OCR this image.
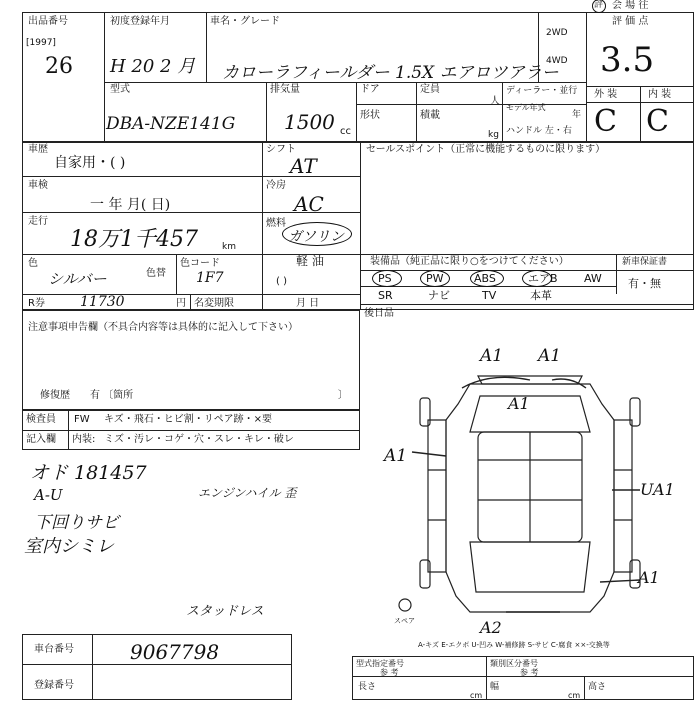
会 場 往
評
出品番号
[1997]
26
初度登録年月
H 20 2 月
車名・グレード
カローラフィールダー 1.5X エアロツアラー
2WD
4WD
評 価 点
3.5
外 装	内 装
C C
型式
DBA-NZE141G
排気量
1500 cc
ドア	定員
人
形状	積載
kg
ディーラー・並行
モデル年式
年
ハンドル 左・右
車歴
自家用・( )
シフト
AT
車検
一 年 月( 日)
冷房
AC
走行
18万1千457	km
燃料
ガソリン
軽 油
( )
色
シルバー	色替
色コード
1F7
R券	11730	円 名変期限	月 日
セールスポイント（正常に機能するものに限ります）
装備品（純正品に限り○をつけてください）	新車保証書
有・無
PS	PW	ABS	エアB AW
SR	ナビ	TV	本革
後日品
注意事項申告欄（不具合内容等は具体的に記入して下さい）
修復歴 有 〔箇所	〕
検査員
記入欄
FW キズ・飛石・ヒビ割・リペア跡・×要
内装: ミズ・汚レ・コゲ・穴・スレ・キレ・破レ
オド 181457
A-U
下回りサビ
室内シミレ
エンジンハイル 歪
スタッドレス
A1 A1
A1
A1
UA1
A1
A2
スペア
A-キズ E-エクボ U-凹み W-補修跡 S-サビ C-腐食 ××-交換等
車台番号	9067798
登録番号
型式指定番号
参 考
類別区分番号
参 考
長さ
cm
幅
cm
高さ
